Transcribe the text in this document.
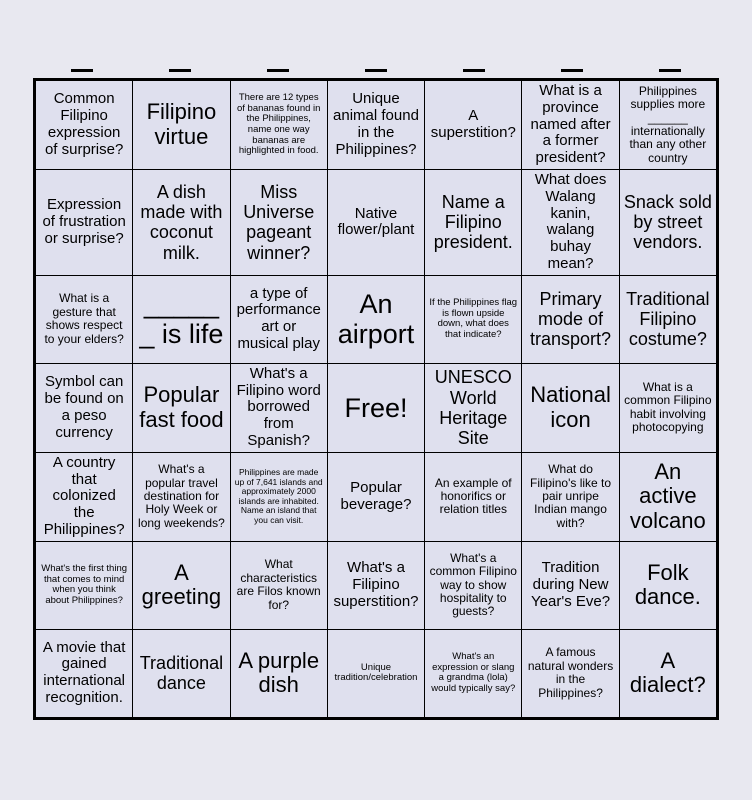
Common Filipino expression of surprise?	Filipino virtue	There are 12 types of bananas found in the Philippines, name one way bananas are highlighted in food.	Unique animal found in the Philippines?	A superstition?	What is a province named after a former president?	Philippines supplies more ______ internationally than any other country
Expression of frustration or surprise?	A dish made with coconut milk.	Miss Universe pageant winner?	Native flower/plant	Name a Filipino president.	What does Walang kanin, walang buhay mean?	Snack sold by street vendors.
What is a gesture that shows respect to your elders?	______ is life	a type of performance art or musical play	An airport	If the Philippines flag is flown upside down, what does that indicate?	Primary mode of transport?	Traditional Filipino costume?
Symbol can be found on a peso currency	Popular fast food	What's a Filipino word borrowed from Spanish?	Free!	UNESCO World Heritage Site	National icon	What is a common Filipino habit involving photocopying
A country that colonized the Philippines?	What's a popular travel destination for Holy Week or long weekends?	Philippines are made up of 7,641 islands and approximately 2000 islands are inhabited. Name an island that you can visit.	Popular beverage?	An example of honorifics or relation titles	What do Filipino's like to pair unripe Indian mango with?	An active volcano
What's the first thing that comes to mind when you think about Philippines?	A greeting	What characteristics are Filos known for?	What's a Filipino superstition?	What's a common Filipino way to show hospitality to guests?	Tradition during New Year's Eve?	Folk dance.
A movie that gained international recognition.	Traditional dance	A purple dish	Unique tradition/celebration	What's an expression or slang a grandma (lola) would typically say?	A famous natural wonders in the Philippines?	A dialect?
